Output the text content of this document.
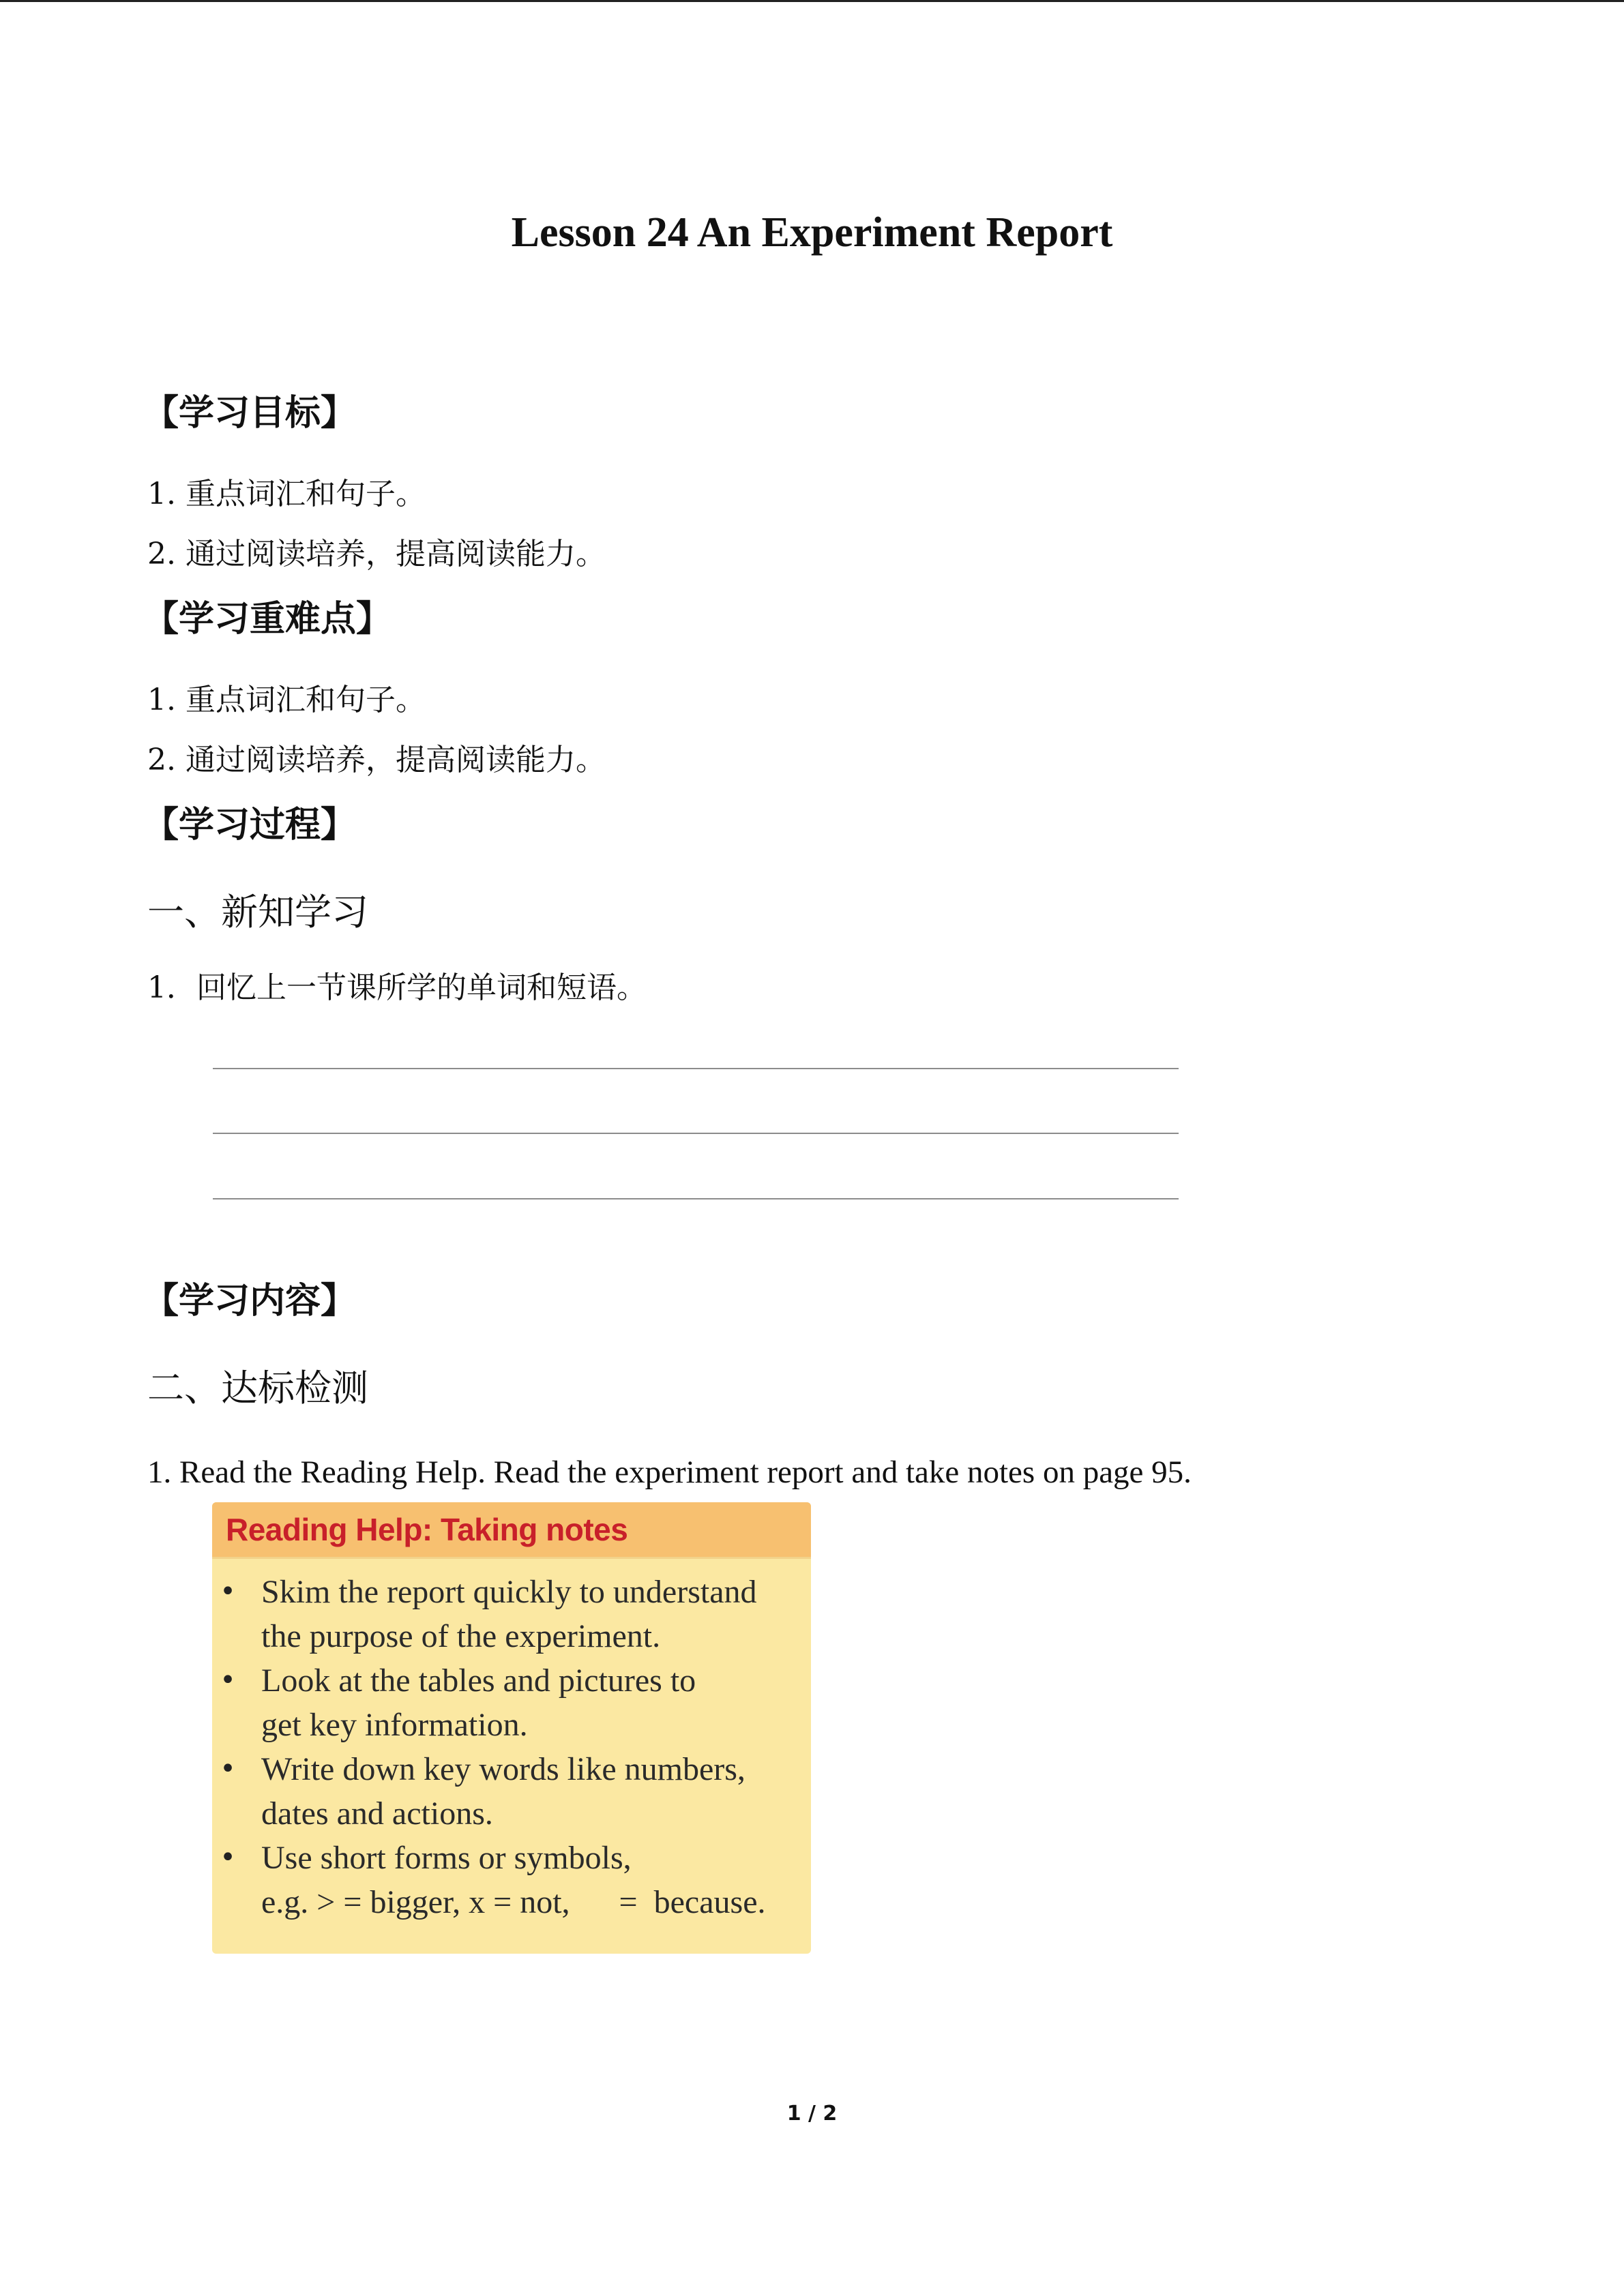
Lesson 24 An Experiment Report
【学习目标】
1. 重点词汇和句子。
2. 通过阅读培养，提高阅读能力。
【学习重难点】
1. 重点词汇和句子。
2. 通过阅读培养，提高阅读能力。
【学习过程】
一、新知学习
1．回忆上一节课所学的单词和短语。
【学习内容】
二、达标检测
1. Read the Reading Help. Read the experiment report and take notes on page 95.
Reading Help: Taking notes
• Skim the report quickly to understand
the purpose of the experiment.
• Look at the tables and pictures to
get key information.
• Write down key words like numbers,
dates and actions.
• Use short forms or symbols,
e.g. > = bigger, x = not,      =  because.
1 / 2
